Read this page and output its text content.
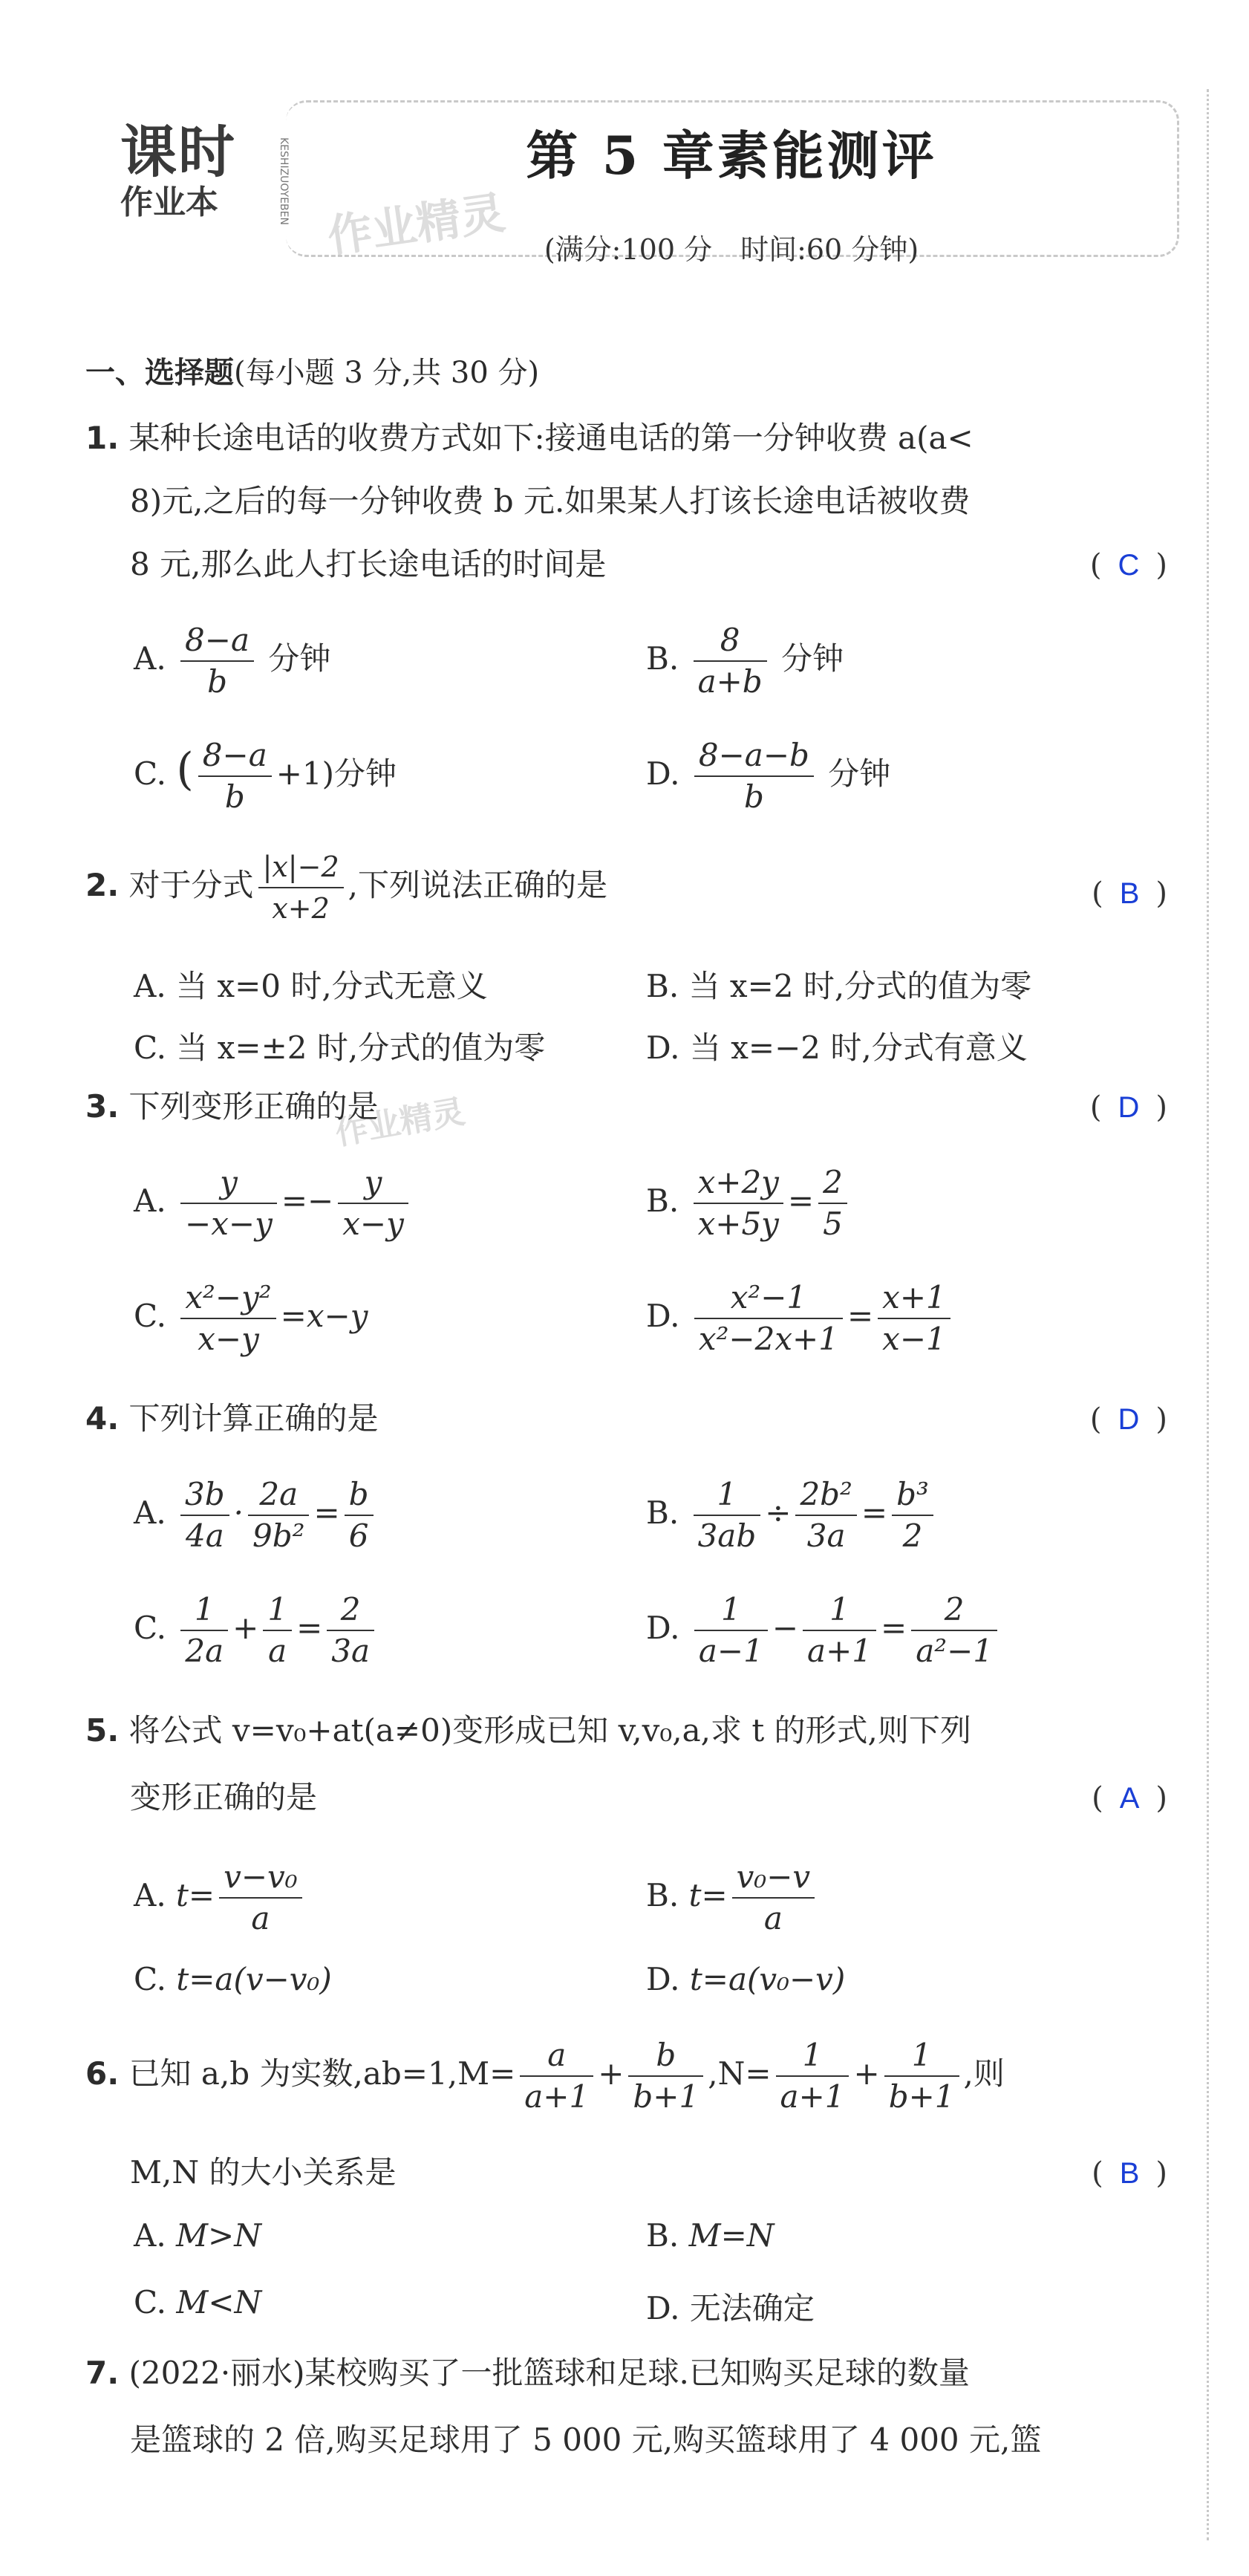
课时
作业本	KESHIZUOYEBEN	第 5 章素能测评
(满分:100 分　时间:60 分钟)
作业精灵
作业精灵
一、选择题(每小题 3 分,共 30 分)
1. 某种长途电话的收费方式如下:接通电话的第一分钟收费 a(a<
8)元,之后的每一分钟收费 b 元.如果某人打该长途电话被收费
8 元,那么此人打长途电话的时间是	( C )
A. $\frac{8-a}{b}$ 分钟	B. $\frac{8}{a+b}$ 分钟
C. ( $\frac{8-a}{b} +1$)分钟	D. $\frac{8-a-b}{b}$ 分钟
2. 对于分式 $\frac{|x|-2}{x+2}$ ,下列说法正确的是	( B )
A. 当 x=0 时,分式无意义	B. 当 x=2 时,分式的值为零
C. 当 x=±2 时,分式的值为零	D. 当 x=−2 时,分式有意义
3. 下列变形正确的是	( D )
A. $\frac{y}{-x-y} =- \frac{y}{x-y}$	B. $\frac{x+2y}{x+5y} = \frac{2}{5}$
C. $\frac{\text{x²−y²}}{x-y} =x-y$	D. $\frac{\text{x²−1}}{\text{x²−2x+1}} = \frac{x+1}{x-1}$
4. 下列计算正确的是	( D )
A. $\frac{3b}{4a} \cdot \frac{2a}{\text{9b²}} = \frac{b}{6}$	B. $\frac{1}{3ab} \div \frac{\text{2b²}}{3a} = \frac{\text{b³}}{2}$
C. $\frac{1}{2a} + \frac{1}{a} = \frac{2}{3a}$	D. $\frac{1}{a-1} - \frac{1}{a+1} = \frac{2}{\text{a²−1}}$
5. 将公式 v=v₀+at(a≠0)变形成已知 v,v₀,a,求 t 的形式,则下列
变形正确的是	( A )
A. $t= \frac{\text{v−v₀}}{a}$	B. $t= \frac{\text{v₀−v}}{a}$
C. t=a(v−v₀)	D. t=a(v₀−v)
6. 已知 a,b 为实数$,ab=1,M= \frac{a}{a+1} + \frac{b}{b+1} ,N= \frac{1}{a+1} + \frac{1}{b+1}$ ,则
M,N 的大小关系是	( B )
A. M>N	B. M=N
C. M<N	D. 无法确定
7. (2022·丽水)某校购买了一批篮球和足球.已知购买足球的数量
是篮球的 2 倍,购买足球用了 5 000 元,购买篮球用了 4 000 元,篮
